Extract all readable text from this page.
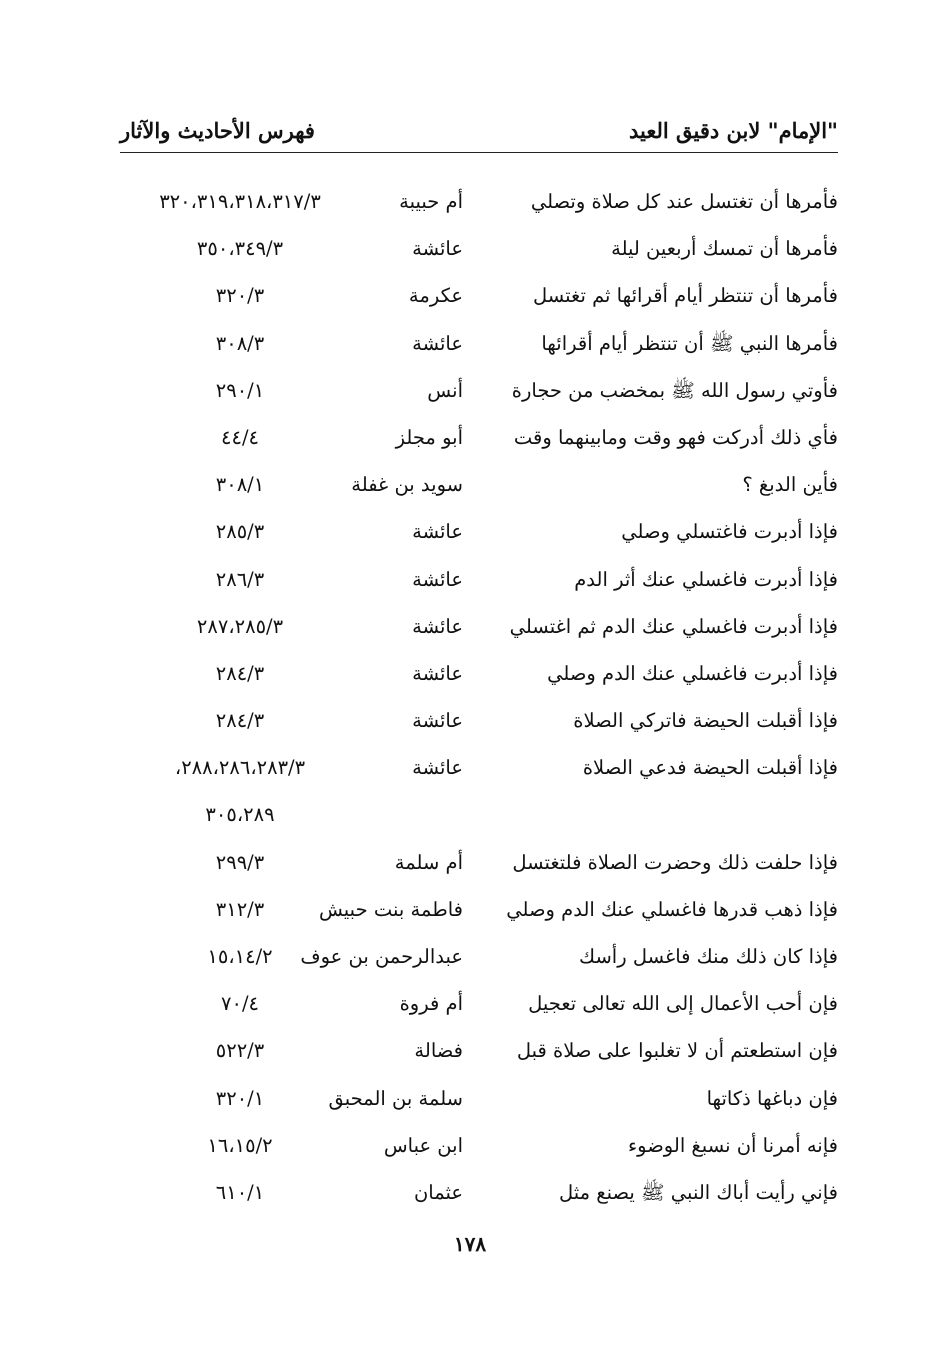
"الإمام" لابن دقيق العيد
فهرس الأحاديث والآثار
فأمرها أن تغتسل عند كل صلاة وتصلي
أم حبيبة
٣٢٠،٣١٩،٣١٨،٣١٧/٣
فأمرها أن تمسك أربعين ليلة
عائشة
٣٥٠،٣٤٩/٣
فأمرها أن تنتظر أيام أقرائها ثم تغتسل
عكرمة
٣٢٠/٣
فأمرها النبي ﷺ أن تنتظر أيام أقرائها
عائشة
٣٠٨/٣
فأوتي رسول الله ﷺ بمخضب من حجارة
أنس
٢٩٠/١
فأي ذلك أدركت فهو وقت ومابينهما وقت
أبو مجلز
٤٤/٤
فأين الدبغ ؟
سويد بن غفلة
٣٠٨/١
فإذا أدبرت فاغتسلي وصلي
عائشة
٢٨٥/٣
فإذا أدبرت فاغسلي عنك أثر الدم
عائشة
٢٨٦/٣
فإذا أدبرت فاغسلي عنك الدم ثم اغتسلي
عائشة
٢٨٧،٢٨٥/٣
فإذا أدبرت فاغسلي عنك الدم وصلي
عائشة
٢٨٤/٣
فإذا أقبلت الحيضة فاتركي الصلاة
عائشة
٢٨٤/٣
فإذا أقبلت الحيضة فدعي الصلاة
عائشة
٢٨٨،٢٨٦،٢٨٣/٣،
٣٠٥،٢٨٩
فإذا حلفت ذلك وحضرت الصلاة فلتغتسل
أم سلمة
٢٩٩/٣
فإذا ذهب قدرها فاغسلي عنك الدم وصلي
فاطمة بنت حبيش
٣١٢/٣
فإذا كان ذلك منك فاغسل رأسك
عبدالرحمن بن عوف
١٥،١٤/٢
فإن أحب الأعمال إلى الله تعالى تعجيل
أم فروة
٧٠/٤
فإن استطعتم أن لا تغلبوا على صلاة قبل
فضالة
٥٢٢/٣
فإن دباغها ذكاتها
سلمة بن المحبق
٣٢٠/١
فإنه أمرنا أن نسبغ الوضوء
ابن عباس
١٦،١٥/٢
فإني رأيت أباك النبي ﷺ يصنع مثل
عثمان
٦١٠/١
١٧٨
